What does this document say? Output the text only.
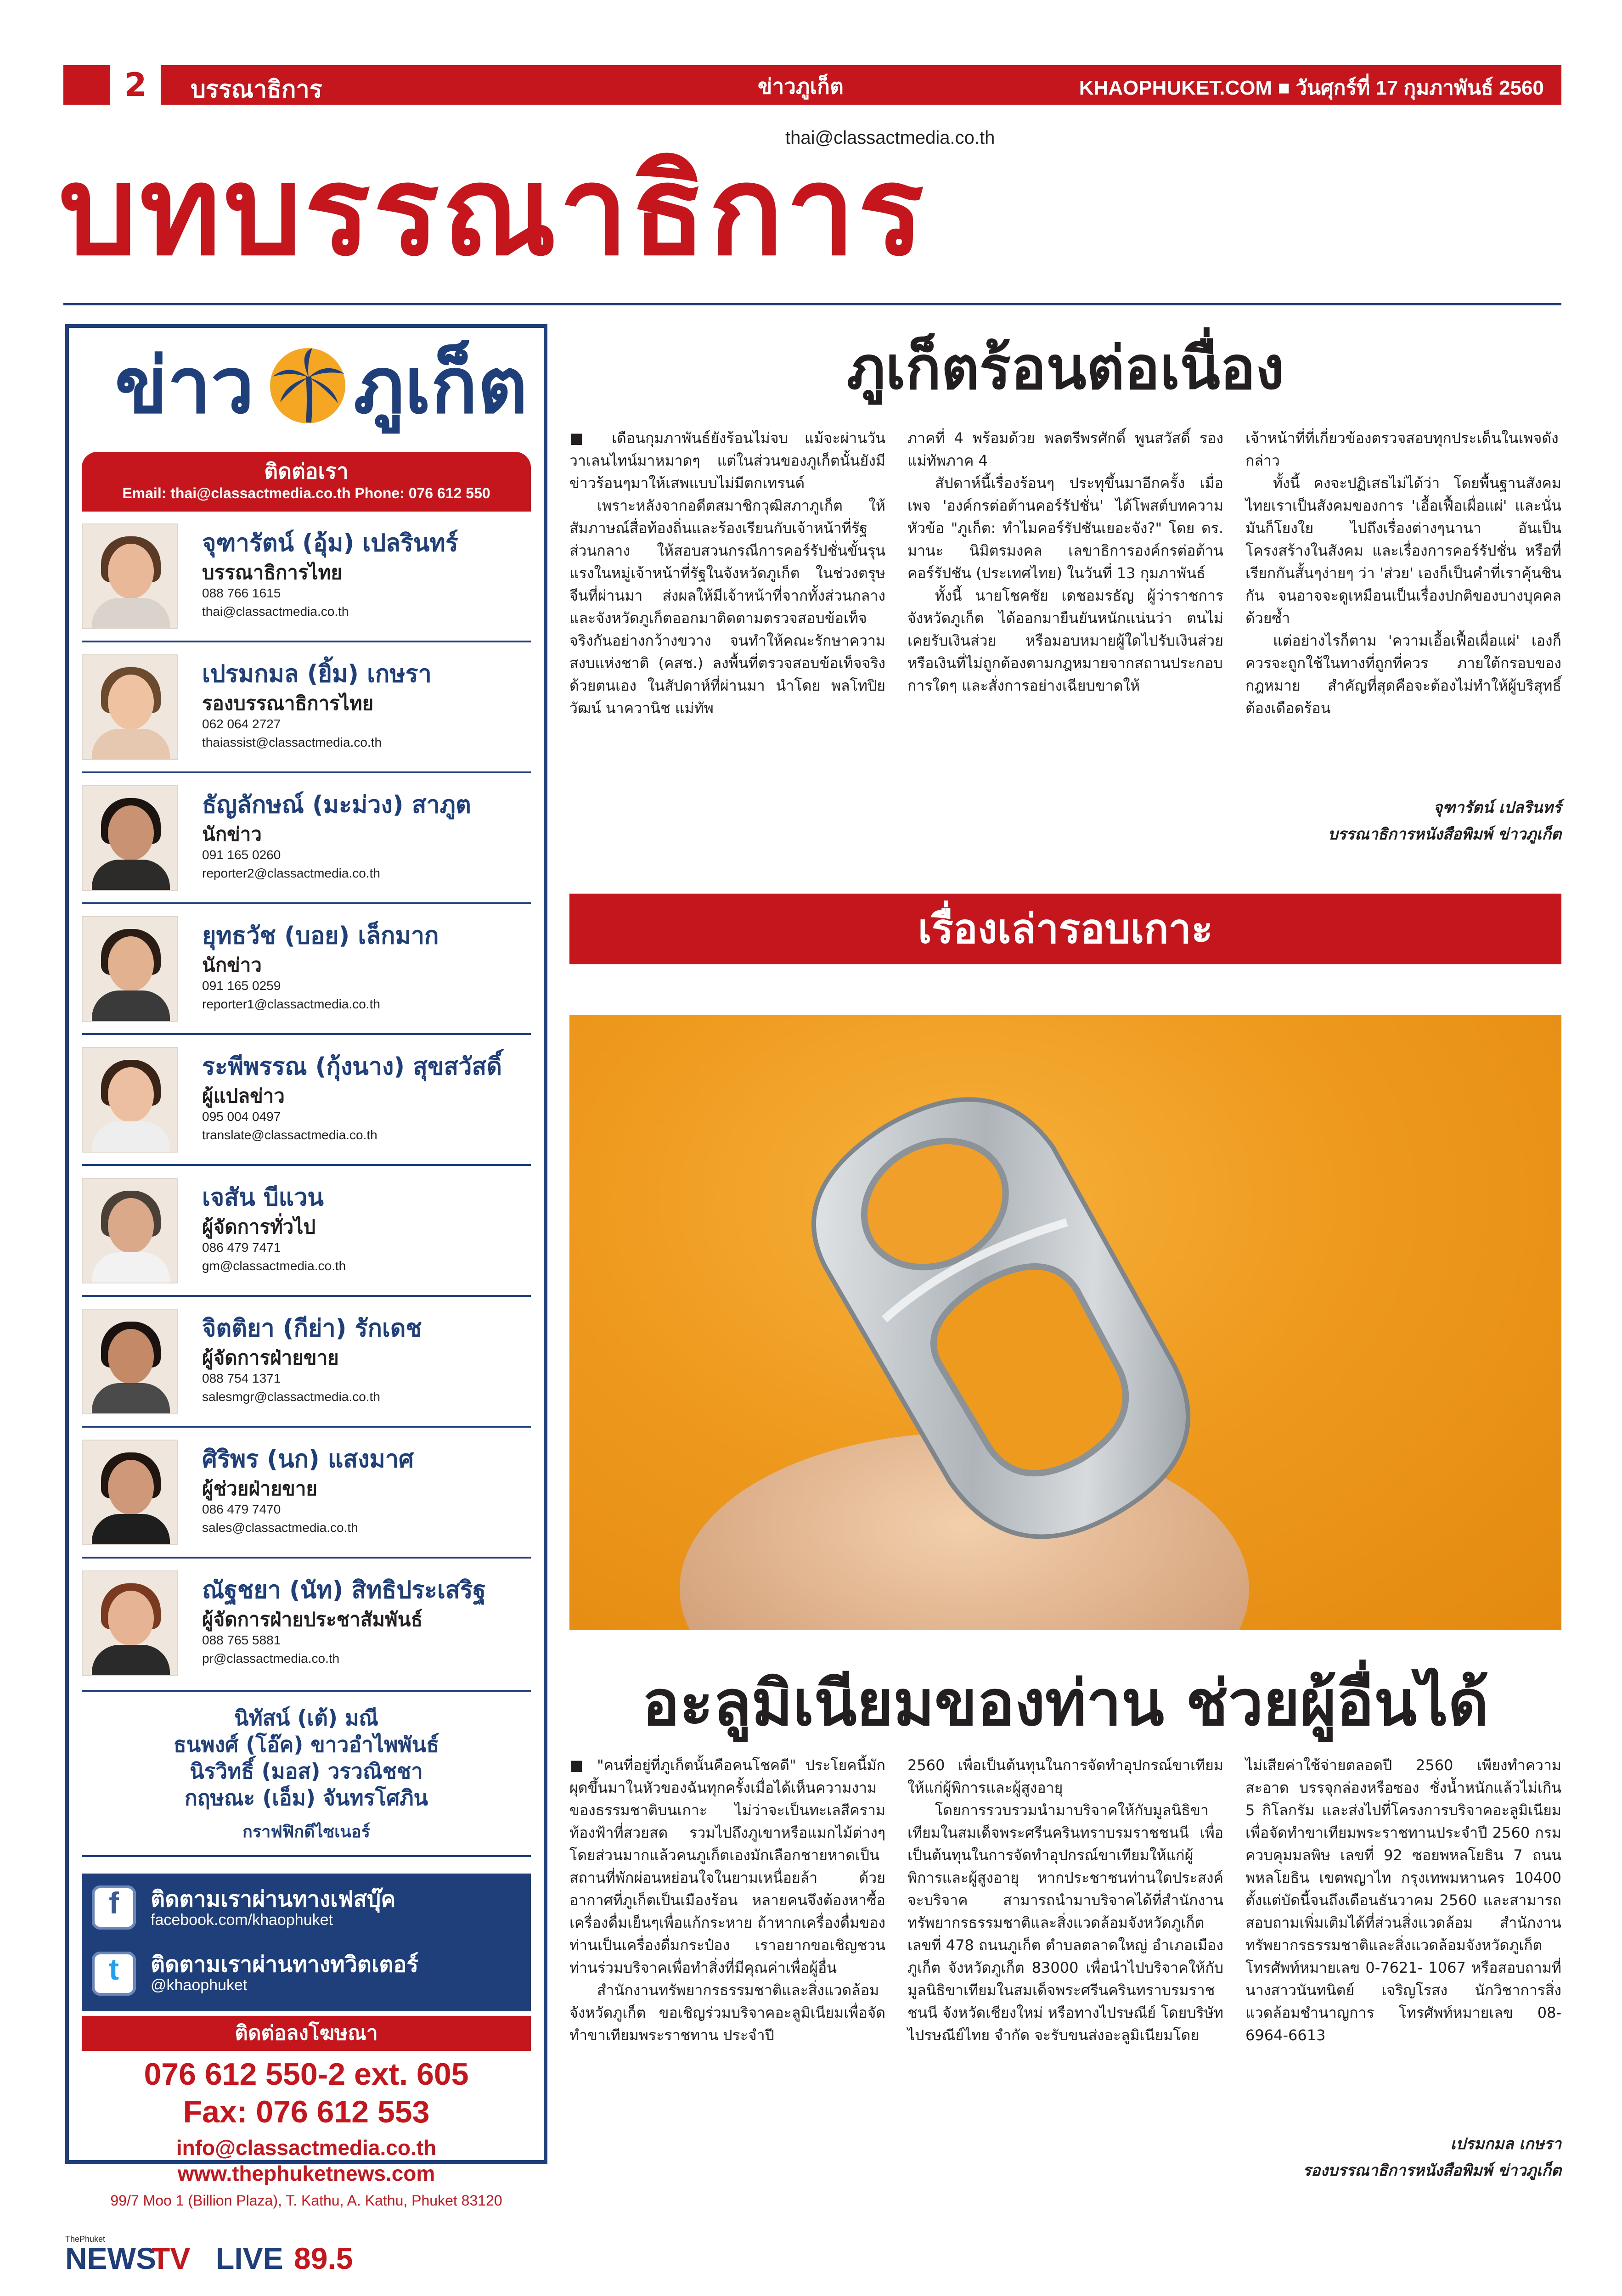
2	บรรณาธิการ	ข่าวภูเก็ต	KHAOPHUKET.COM ■ วันศุกร์ที่ 17 กุมภาพันธ์ 2560
thai@classactmedia.co.th
บทบรรณาธิการ
ข่าว ภูเก็ต
ติดต่อเรา
Email: thai@classactmedia.co.th Phone: 076 612 550
จุฑารัตน์ (อุ้ม) เปลรินทร์
บรรณาธิการไทย
088 766 1615
thai@classactmedia.co.th
เปรมกมล (ยิ้ม) เกษรา
รองบรรณาธิการไทย
062 064 2727
thaiassist@classactmedia.co.th
ธัญลักษณ์ (มะม่วง) สาภูต
นักข่าว
091 165 0260
reporter2@classactmedia.co.th
ยุทธวัช (บอย) เล็กมาก
นักข่าว
091 165 0259
reporter1@classactmedia.co.th
ระพีพรรณ (กุ้งนาง) สุขสวัสดิ์
ผู้แปลข่าว
095 004 0497
translate@classactmedia.co.th
เจสัน บีแวน
ผู้จัดการทั่วไป
086 479 7471
gm@classactmedia.co.th
จิตติยา (กีย่า) รักเดช
ผู้จัดการฝ่ายขาย
088 754 1371
salesmgr@classactmedia.co.th
ศิริพร (นก) แสงมาศ
ผู้ช่วยฝ่ายขาย
086 479 7470
sales@classactmedia.co.th
ณัฐชยา (นัท) สิทธิประเสริฐ
ผู้จัดการฝ่ายประชาสัมพันธ์
088 765 5881
pr@classactmedia.co.th
นิทัสน์ (เต้) มณี
ธนพงศ์ (โอ๊ค) ขาวอำไพพันธ์
นิรวิทธิ์ (มอส) วรวณิชชา
กฤษณะ (เอ็ม) จันทรโศภิน
กราฟฟิกดีไซเนอร์
f	ติดตามเราผ่านทางเฟสบุ๊ค
facebook.com/khaophuket
t	ติดตามเราผ่านทางทวิตเตอร์
@khaophuket
ติดต่อลงโฆษณา
076 612 550-2 ext. 605
Fax: 076 612 553
info@classactmedia.co.th
www.thephuketnews.com
99/7 Moo 1 (Billion Plaza), T. Kathu, A. Kathu, Phuket 83120
ภูเก็ตร้อนต่อเนื่อง

■ เดือนกุมภาพันธ์ยังร้อนไม่จบ แม้จะผ่านวันวาเลนไทน์มาหมาดๆ แต่ในส่วนของภูเก็ตนั้นยังมีข่าวร้อนๆมาให้เสพแบบไม่มีตกเทรนด์

เพราะหลังจากอดีตสมาชิกวุฒิสภาภูเก็ต ให้สัมภาษณ์สื่อท้องถิ่นและร้องเรียนกับเจ้าหน้าที่รัฐส่วนกลาง ให้สอบสวนกรณีการคอร์รัปชั่นขั้นรุนแรงในหมู่เจ้าหน้าที่รัฐในจังหวัดภูเก็ต ในช่วงตรุษจีนที่ผ่านมา ส่งผลให้มีเจ้าหน้าที่จากทั้งส่วนกลางและจังหวัดภูเก็ตออกมาติดตามตรวจสอบข้อเท็จจริงกันอย่างกว้างขวาง จนทำให้คณะรักษาความสงบแห่งชาติ (คสช.) ลงพื้นที่ตรวจสอบข้อเท็จจริงด้วยตนเอง ในสัปดาห์ที่ผ่านมา นำโดย พลโทปิยวัฒน์ นาควานิช แม่ทัพ

ภาคที่ 4 พร้อมด้วย พลตรีพรศักดิ์ พูนสวัสดิ์ รองแม่ทัพภาค 4

สัปดาห์นี้เรื่องร้อนๆ ประทุขึ้นมาอีกครั้ง เมื่อเพจ 'องค์กรต่อต้านคอร์รัปชั่น' ได้โพสต์บทความหัวข้อ "ภูเก็ต: ทำไมคอร์รัปชันเยอะจัง?" โดย ดร. มานะ นิมิตรมงคล เลขาธิการองค์กรต่อต้านคอร์รัปชัน (ประเทศไทย) ในวันที่ 13 กุมภาพันธ์

ทั้งนี้ นายโชคชัย เดชอมรธัญ ผู้ว่าราชการจังหวัดภูเก็ต ได้ออกมายืนยันหนักแน่นว่า ตนไม่เคยรับเงินส่วย หรือมอบหมายผู้ใดไปรับเงินส่วย หรือเงินที่ไม่ถูกต้องตามกฎหมายจากสถานประกอบการใดๆ และสั่งการอย่างเฉียบขาดให้

เจ้าหน้าที่ที่เกี่ยวข้องตรวจสอบทุกประเด็นในเพจดังกล่าว

ทั้งนี้ คงจะปฏิเสธไม่ได้ว่า โดยพื้นฐานสังคมไทยเราเป็นสังคมของการ 'เอื้อเฟื้อเผื่อแผ่' และนั่นมันก็โยงใย ไปถึงเรื่องต่างๆนานา อันเป็นโครงสร้างในสังคม และเรื่องการคอร์รัปชั่น หรือที่เรียกกันสั้นๆง่ายๆ ว่า 'ส่วย' เองก็เป็นคำที่เราคุ้นชินกัน จนอาจจะดูเหมือนเป็นเรื่องปกติของบางบุคคลด้วยซ้ำ

แต่อย่างไรก็ตาม 'ความเอื้อเฟื้อเผื่อแผ่' เองก็ควรจะถูกใช้ในทางที่ถูกที่ควร ภายใต้กรอบของกฎหมาย สำคัญที่สุดคือจะต้องไม่ทำให้ผู้บริสุทธิ์ต้องเดือดร้อน

จุฑารัตน์ เปลรินทร์
บรรณาธิการหนังสือพิมพ์ ข่าวภูเก็ต
เรื่องเล่ารอบเกาะ
อะลูมิเนียมของท่าน ช่วยผู้อื่นได้

■ "คนที่อยู่ที่ภูเก็ตนั้นคือคนโชคดี" ประโยคนี้มักผุดขึ้นมาในหัวของฉันทุกครั้งเมื่อได้เห็นความงามของธรรมชาติบนเกาะ ไม่ว่าจะเป็นทะเลสีคราม ท้องฟ้าที่สวยสด รวมไปถึงภูเขาหรือแมกไม้ต่างๆ โดยส่วนมากแล้วคนภูเก็ตเองมักเลือกชายหาดเป็นสถานที่พักผ่อนหย่อนใจในยามเหนื่อยล้า ด้วยอากาศที่ภูเก็ตเป็นเมืองร้อน หลายคนจึงต้องหาซื้อเครื่องดื่มเย็นๆเพื่อแก้กระหาย ถ้าหากเครื่องดื่มของท่านเป็นเครื่องดื่มกระป๋อง เราอยากขอเชิญชวนท่านร่วมบริจาคเพื่อทำสิ่งที่มีคุณค่าเพื่อผู้อื่น

สำนักงานทรัพยากรธรรมชาติและสิ่งแวดล้อมจังหวัดภูเก็ต ขอเชิญร่วมบริจาคอะลูมิเนียมเพื่อจัดทำขาเทียมพระราชทาน ประจำปี

2560 เพื่อเป็นต้นทุนในการจัดทำอุปกรณ์ขาเทียมให้แก่ผู้พิการและผู้สูงอายุ

โดยการรวบรวมนำมาบริจาคให้กับมูลนิธิขาเทียมในสมเด็จพระศรีนครินทราบรมราชชนนี เพื่อเป็นต้นทุนในการจัดทำอุปกรณ์ขาเทียมให้แก่ผู้พิการและผู้สูงอายุ หากประชาชนท่านใดประสงค์จะบริจาค สามารถนำมาบริจาคได้ที่สำนักงาน ทรัพยากรธรรมชาติและสิ่งแวดล้อมจังหวัดภูเก็ต เลขที่ 478 ถนนภูเก็ต ตำบลตลาดใหญ่ อำเภอเมืองภูเก็ต จังหวัดภูเก็ต 83000 เพื่อนำไปบริจาคให้กับมูลนิธิขาเทียมในสมเด็จพระศรีนครินทราบรมราชชนนี จังหวัดเชียงใหม่ หรือทางไปรษณีย์ โดยบริษัท ไปรษณีย์ไทย จำกัด จะรับขนส่งอะลูมิเนียมโดย

ไม่เสียค่าใช้จ่ายตลอดปี 2560 เพียงทำความสะอาด บรรจุกล่องหรือซอง ชั่งน้ำหนักแล้วไม่เกิน 5 กิโลกรัม และส่งไปที่โครงการบริจาคอะลูมิเนียมเพื่อจัดทำขาเทียมพระราชทานประจำปี 2560 กรมควบคุมมลพิษ เลขที่ 92 ซอยพหลโยธิน 7 ถนนพหลโยธิน เขตพญาไท กรุงเทพมหานคร 10400 ตั้งแต่บัดนี้จนถึงเดือนธันวาคม 2560 และสามารถสอบถามเพิ่มเติมได้ที่ส่วนสิ่งแวดล้อม สำนักงานทรัพยากรธรรมชาติและสิ่งแวดล้อมจังหวัดภูเก็ต โทรศัพท์หมายเลข 0-7621- 1067 หรือสอบถามที่ นางสาวนันทนิตย์ เจริญโรสง นักวิชาการสิ่งแวดล้อมชำนาญการ โทรศัพท์หมายเลข 08-6964-6613

เปรมกมล เกษรา
รองบรรณาธิการหนังสือพิมพ์ ข่าวภูเก็ต
ThePhuket
NEWS
TV LIVE 89.5
